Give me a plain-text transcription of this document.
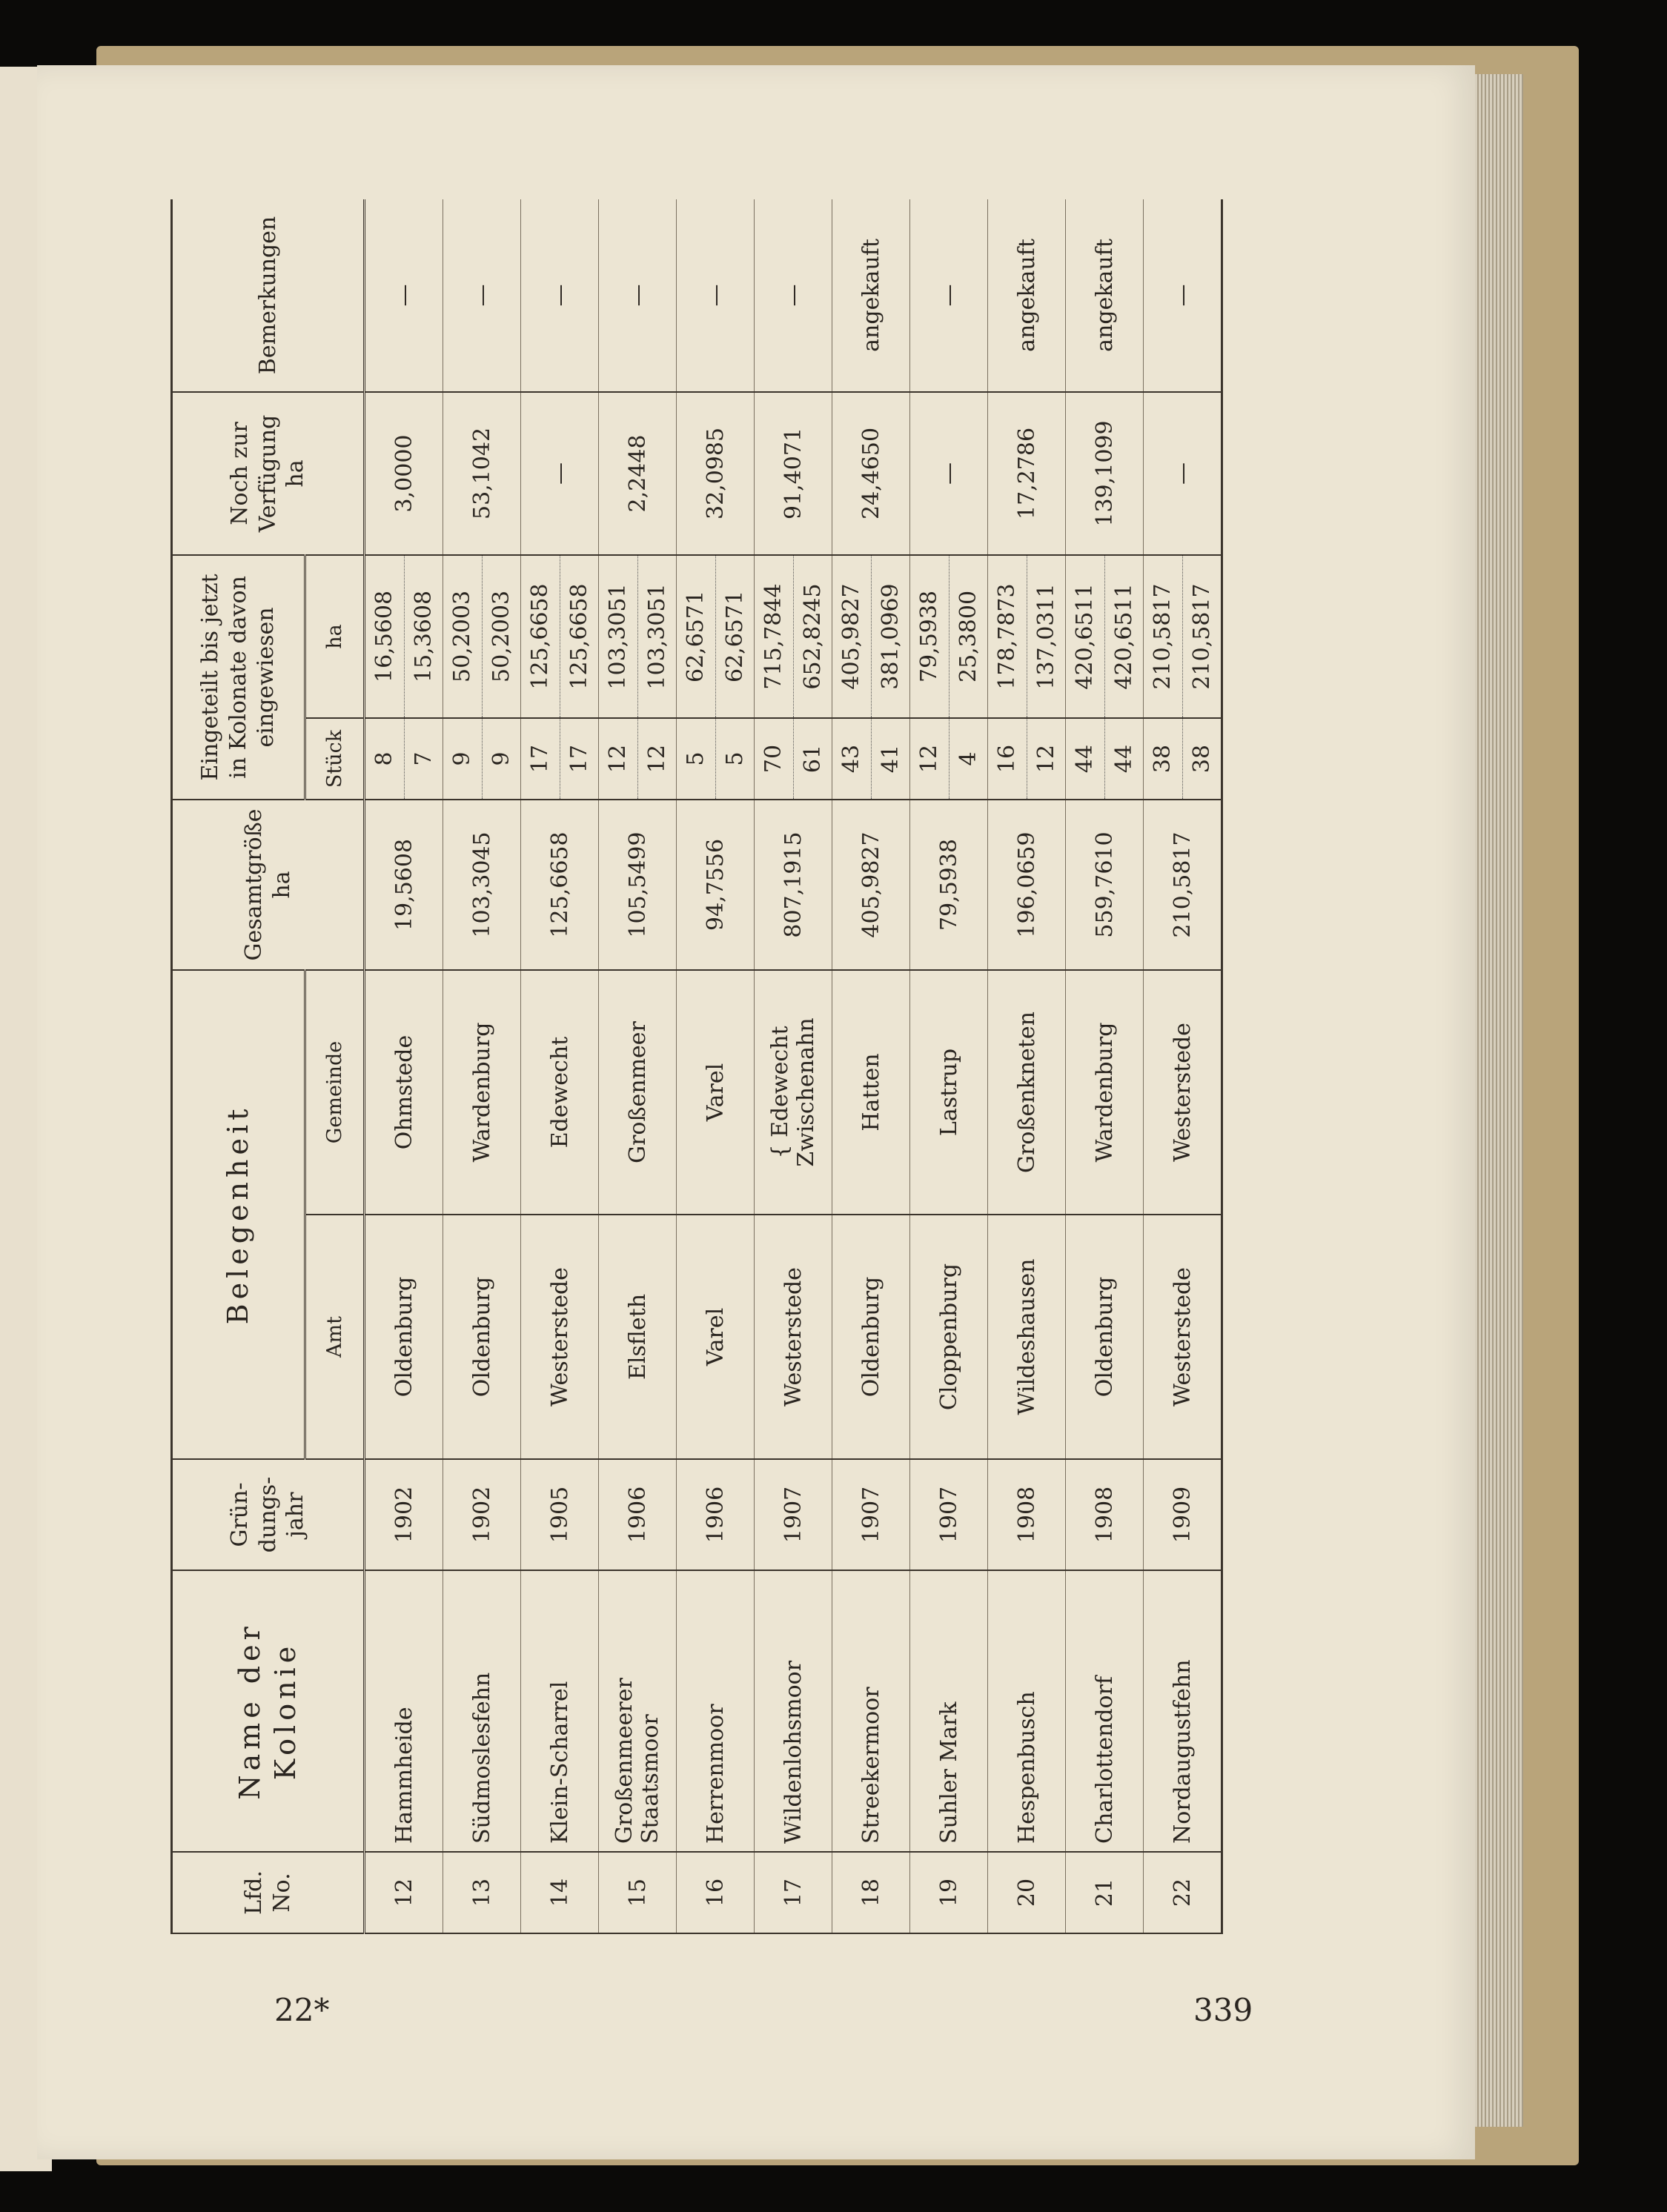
339
22*
Lfd. No.	Name der Kolonie	Grün- dungs- jahr	Belegenheit		Gesamtgröße ha	Eingeteilt bis jetzt in Kolonate davon eingewiesen		Noch zur Verfügung ha	Bemerkungen
			Amt	Gemeinde		Stück	ha		
12	Hammheide	1902	Oldenburg	Ohmstede	19,5608	8 7	16,5608 15,3608	3,0000	—
13	Südmoslesfehn	1902	Oldenburg	Wardenburg	103,3045	9 9	50,2003 50,2003	53,1042	—
14	Klein-Scharrel	1905	Westerstede	Edewecht	125,6658	17 17	125,6658 125,6658	—	—
15	Großenmeerer Staatsmoor	1906	Elsfleth	Großenmeer	105,5499	12 12	103,3051 103,3051	2,2448	—
16	Herrenmoor	1906	Varel	Varel	94,7556	5 5	62,6571 62,6571	32,0985	—
17	Wildenlohsmoor	1907	Westerstede	{ Edewecht Zwischenahn	807,1915	70 61	715,7844 652,8245	91,4071	—
18	Streekermoor	1907	Oldenburg	Hatten	405,9827	43 41	405,9827 381,0969	24,4650	angekauft
19	Suhler Mark	1907	Cloppenburg	Lastrup	79,5938	12 4	79,5938 25,3800	—	—
20	Hespenbusch	1908	Wildeshausen	Großenkneten	196,0659	16 12	178,7873 137,0311	17,2786	angekauft
21	Charlottendorf	1908	Oldenburg	Wardenburg	559,7610	44 44	420,6511 420,6511	139,1099	angekauft
22	Nordaugustfehn	1909	Westerstede	Westerstede	210,5817	38 38	210,5817 210,5817	—	—
